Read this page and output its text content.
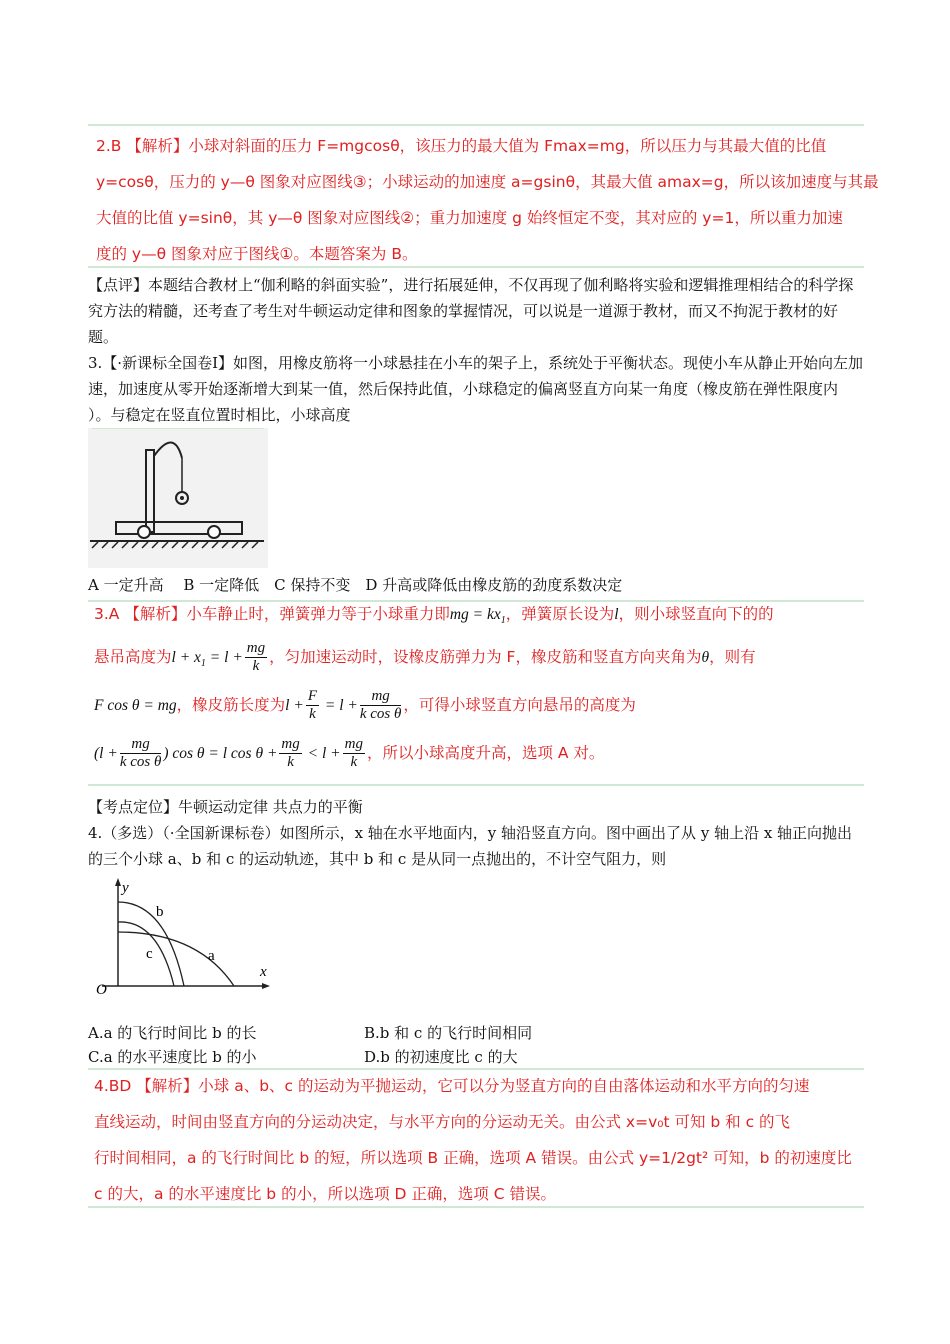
2.B 【解析】小球对斜面的压力 F=mgcosθ，该压力的最大值为 Fmax=mg，所以压力与其最大值的比值
y=cosθ，压力的 y—θ 图象对应图线③；小球运动的加速度 a=gsinθ，其最大值 amax=g，所以该加速度与其最
大值的比值 y=sinθ，其 y—θ 图象对应图线②；重力加速度 g 始终恒定不变，其对应的 y=1，所以重力加速
度的 y—θ 图象对应于图线①。本题答案为 B。
【点评】本题结合教材上“伽利略的斜面实验”，进行拓展延伸，不仅再现了伽利略将实验和逻辑推理相结合的科学探究方法的精髓，还考查了考生对牛顿运动定律和图象的掌握情况，可以说是一道源于教材，而又不拘泥于教材的好题。
3.【·新课标全国卷Ⅰ】如图，用橡皮筋将一小球悬挂在小车的架子上，系统处于平衡状态。现使小车从静止开始向左加速，加速度从零开始逐渐增大到某一值，然后保持此值，小球稳定的偏离竖直方向某一角度（橡皮筋在弹性限度内 ）。与稳定在竖直位置时相比，小球高度
A 一定升高　 B 一定降低　C 保持不变　D 升高或降低由橡皮筋的劲度系数决定
3.A 【解析】小车静止时，弹簧弹力等于小球重力即mg = $kx_1$，弹簧原长设为l，则小球竖直向下的的
悬吊高度为$l + x_1 = l + \frac{mg}{k}$ ，匀加速运动时，设橡皮筋弹力为 F，橡皮筋和竖直方向夹角为θ，则有
F cos θ = mg，橡皮筋长度为$l + \frac{F}{k} = l + \frac{mg}{\text{k cos θ}}$ ，可得小球竖直方向悬吊的高度为
($l + \frac{mg}{\text{k cos θ}}$ ) cos θ = l $\cos \theta + \frac{mg}{k} < l + \frac{mg}{k}$ ，所以小球高度升高，选项 A 对。
【考点定位】牛顿运动定律 共点力的平衡
4.（多选）（·全国新课标卷）如图所示，x 轴在水平地面内，y 轴沿竖直方向。图中画出了从 y 轴上沿 x 轴正向抛出的三个小球 a、b 和 c 的运动轨迹，其中 b 和 c 是从同一点抛出的，不计空气阻力，则
y
x
O
b
c	a
A.a 的飞行时间比 b 的长	B.b 和 c 的飞行时间相同
C.a 的水平速度比 b 的小	D.b 的初速度比 c 的大
4.BD 【解析】小球 a、b、c 的运动为平抛运动，它可以分为竖直方向的自由落体运动和水平方向的匀速
直线运动，时间由竖直方向的分运动决定，与水平方向的分运动无关。由公式 x=v₀t 可知 b 和 c 的飞
行时间相同，a 的飞行时间比 b 的短，所以选项 B 正确，选项 A 错误。由公式 y=1/2gt² 可知，b 的初速度比
c 的大，a 的水平速度比 b 的小，所以选项 D 正确，选项 C 错误。
